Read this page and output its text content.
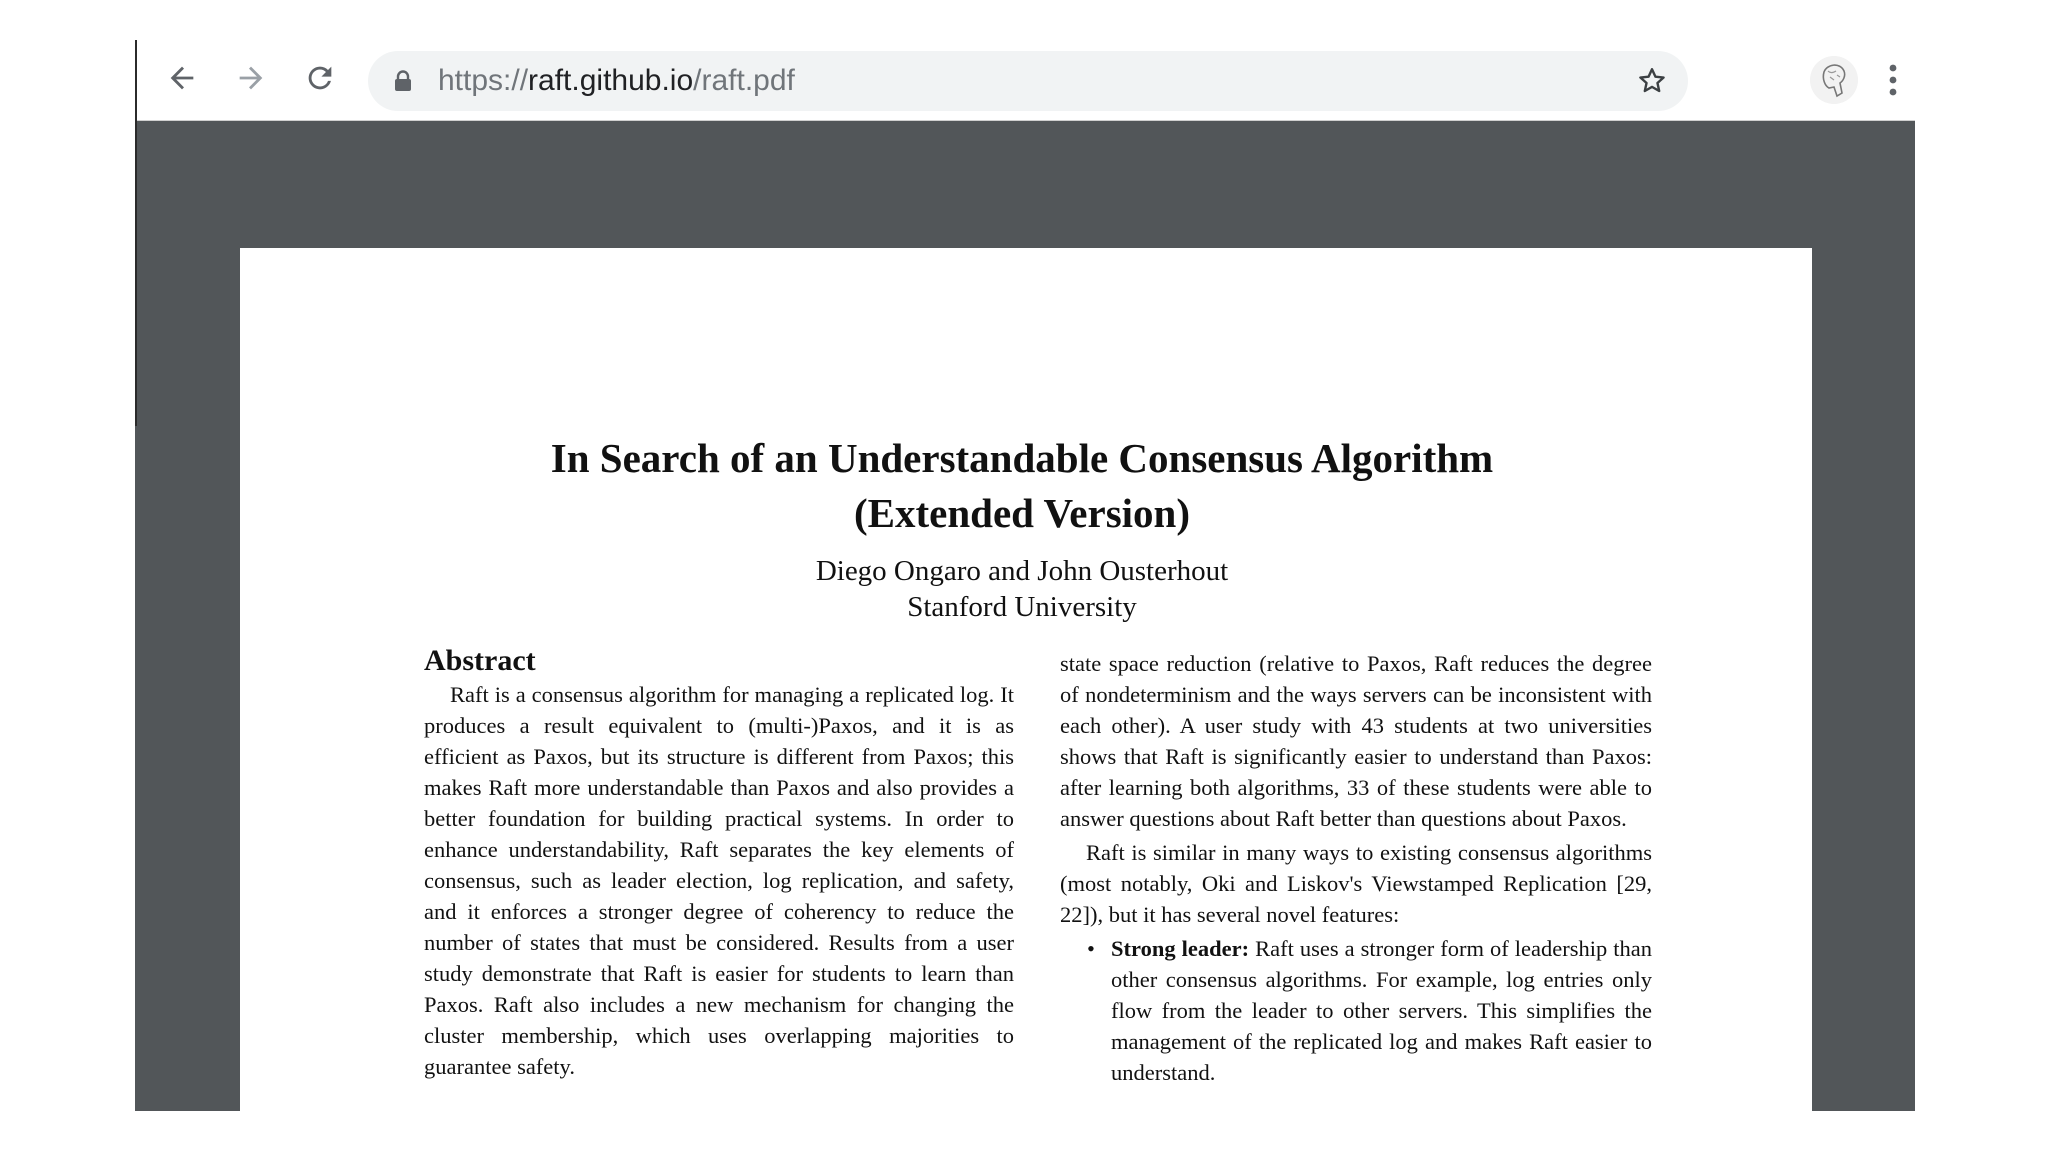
https://raft.github.io/raft.pdf
In Search of an Understandable Consensus Algorithm
(Extended Version)
Diego Ongaro and John Ousterhout
Stanford University
Abstract

Raft is a consensus algorithm for managing a replicated log. It produces a result equivalent to (multi-)Paxos, and it is as efficient as Paxos, but its structure is different from Paxos; this makes Raft more understandable than Paxos and also provides a better foundation for building practical systems. In order to enhance understandability, Raft separates the key elements of consensus, such as leader election, log replication, and safety, and it enforces a stronger degree of coherency to reduce the number of states that must be considered. Results from a user study demonstrate that Raft is easier for students to learn than Paxos. Raft also includes a new mechanism for changing the cluster membership, which uses overlapping majorities to guarantee safety.

state space reduction (relative to Paxos, Raft reduces the degree of nondeterminism and the ways servers can be inconsistent with each other). A user study with 43 students at two universities shows that Raft is significantly easier to understand than Paxos: after learning both algorithms, 33 of these students were able to answer questions about Raft better than questions about Paxos.

Raft is similar in many ways to existing consensus algorithms (most notably, Oki and Liskov's Viewstamped Replication [29, 22]), but it has several novel features:

• Strong leader: Raft uses a stronger form of leadership than other consensus algorithms. For example, log entries only flow from the leader to other servers. This simplifies the management of the replicated log and makes Raft easier to understand.
